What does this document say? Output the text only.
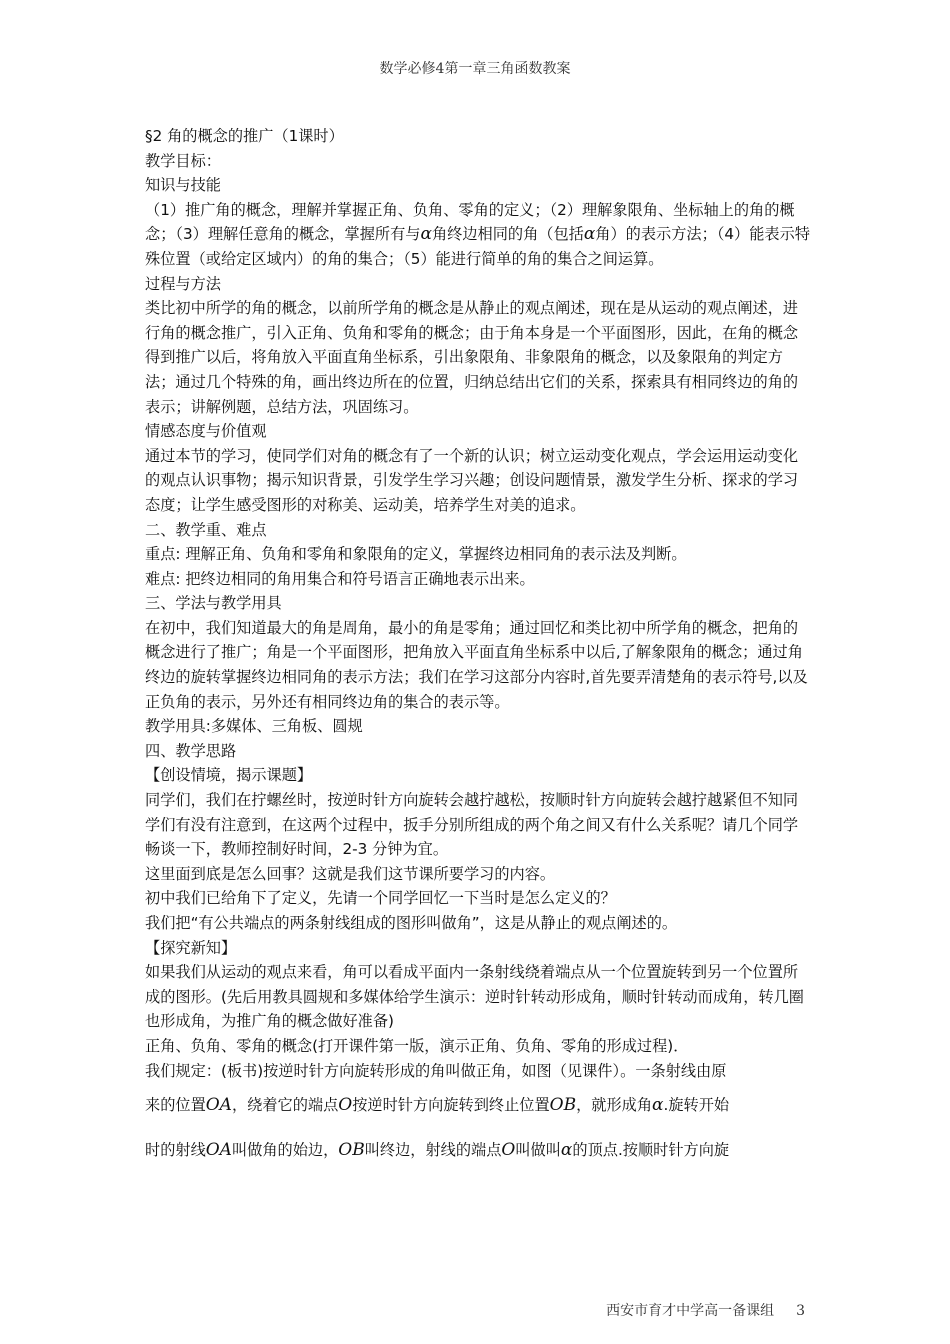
数学必修4第一章三角函数教案

§2 角的概念的推广（1课时）

教学目标：

知识与技能

（1）推广角的概念，理解并掌握正角、负角、零角的定义；（2）理解象限角、坐标轴上的角的概念；（3）理解任意角的概念，掌握所有与α角终边相同的角（包括α角）的表示方法；（4）能表示特殊位置（或给定区域内）的角的集合；（5）能进行简单的角的集合之间运算。

过程与方法

类比初中所学的角的概念，以前所学角的概念是从静止的观点阐述，现在是从运动的观点阐述，进行角的概念推广，引入正角、负角和零角的概念；由于角本身是一个平面图形，因此，在角的概念得到推广以后，将角放入平面直角坐标系，引出象限角、非象限角的概念，以及象限角的判定方法；通过几个特殊的角，画出终边所在的位置，归纳总结出它们的关系，探索具有相同终边的角的表示；讲解例题，总结方法，巩固练习。

情感态度与价值观

通过本节的学习，使同学们对角的概念有了一个新的认识；树立运动变化观点，学会运用运动变化的观点认识事物；揭示知识背景，引发学生学习兴趣；创设问题情景，激发学生分析、探求的学习态度；让学生感受图形的对称美、运动美，培养学生对美的追求。

二、教学重、难点

重点: 理解正角、负角和零角和象限角的定义，掌握终边相同角的表示法及判断。

难点: 把终边相同的角用集合和符号语言正确地表示出来。

三、学法与教学用具

在初中，我们知道最大的角是周角，最小的角是零角；通过回忆和类比初中所学角的概念，把角的概念进行了推广；角是一个平面图形，把角放入平面直角坐标系中以后,了解象限角的概念；通过角终边的旋转掌握终边相同角的表示方法；我们在学习这部分内容时,首先要弄清楚角的表示符号,以及正负角的表示，另外还有相同终边角的集合的表示等。

教学用具:多媒体、三角板、圆规

四、教学思路

【创设情境，揭示课题】

同学们，我们在拧螺丝时，按逆时针方向旋转会越拧越松，按顺时针方向旋转会越拧越紧但不知同学们有没有注意到，在这两个过程中，扳手分别所组成的两个角之间又有什么关系呢？请几个同学畅谈一下，教师控制好时间，2-3 分钟为宜。

这里面到底是怎么回事？这就是我们这节课所要学习的内容。

初中我们已给角下了定义，先请一个同学回忆一下当时是怎么定义的？

我们把“有公共端点的两条射线组成的图形叫做角”，这是从静止的观点阐述的。

【探究新知】

如果我们从运动的观点来看，角可以看成平面内一条射线绕着端点从一个位置旋转到另一个位置所成的图形。(先后用教具圆规和多媒体给学生演示：逆时针转动形成角，顺时针转动而成角，转几圈也形成角，为推广角的概念做好准备)

正角、负角、零角的概念(打开课件第一版，演示正角、负角、零角的形成过程)．

我们规定：(板书)按逆时针方向旋转形成的角叫做正角，如图（见课件）。一条射线由原

来的位置OA，绕着它的端点O按逆时针方向旋转到终止位置OB，就形成角α.旋转开始

时的射线OA叫做角的始边，OB叫终边，射线的端点O叫做叫α的顶点.按顺时针方向旋

西安市育才中学高一备课组 3
